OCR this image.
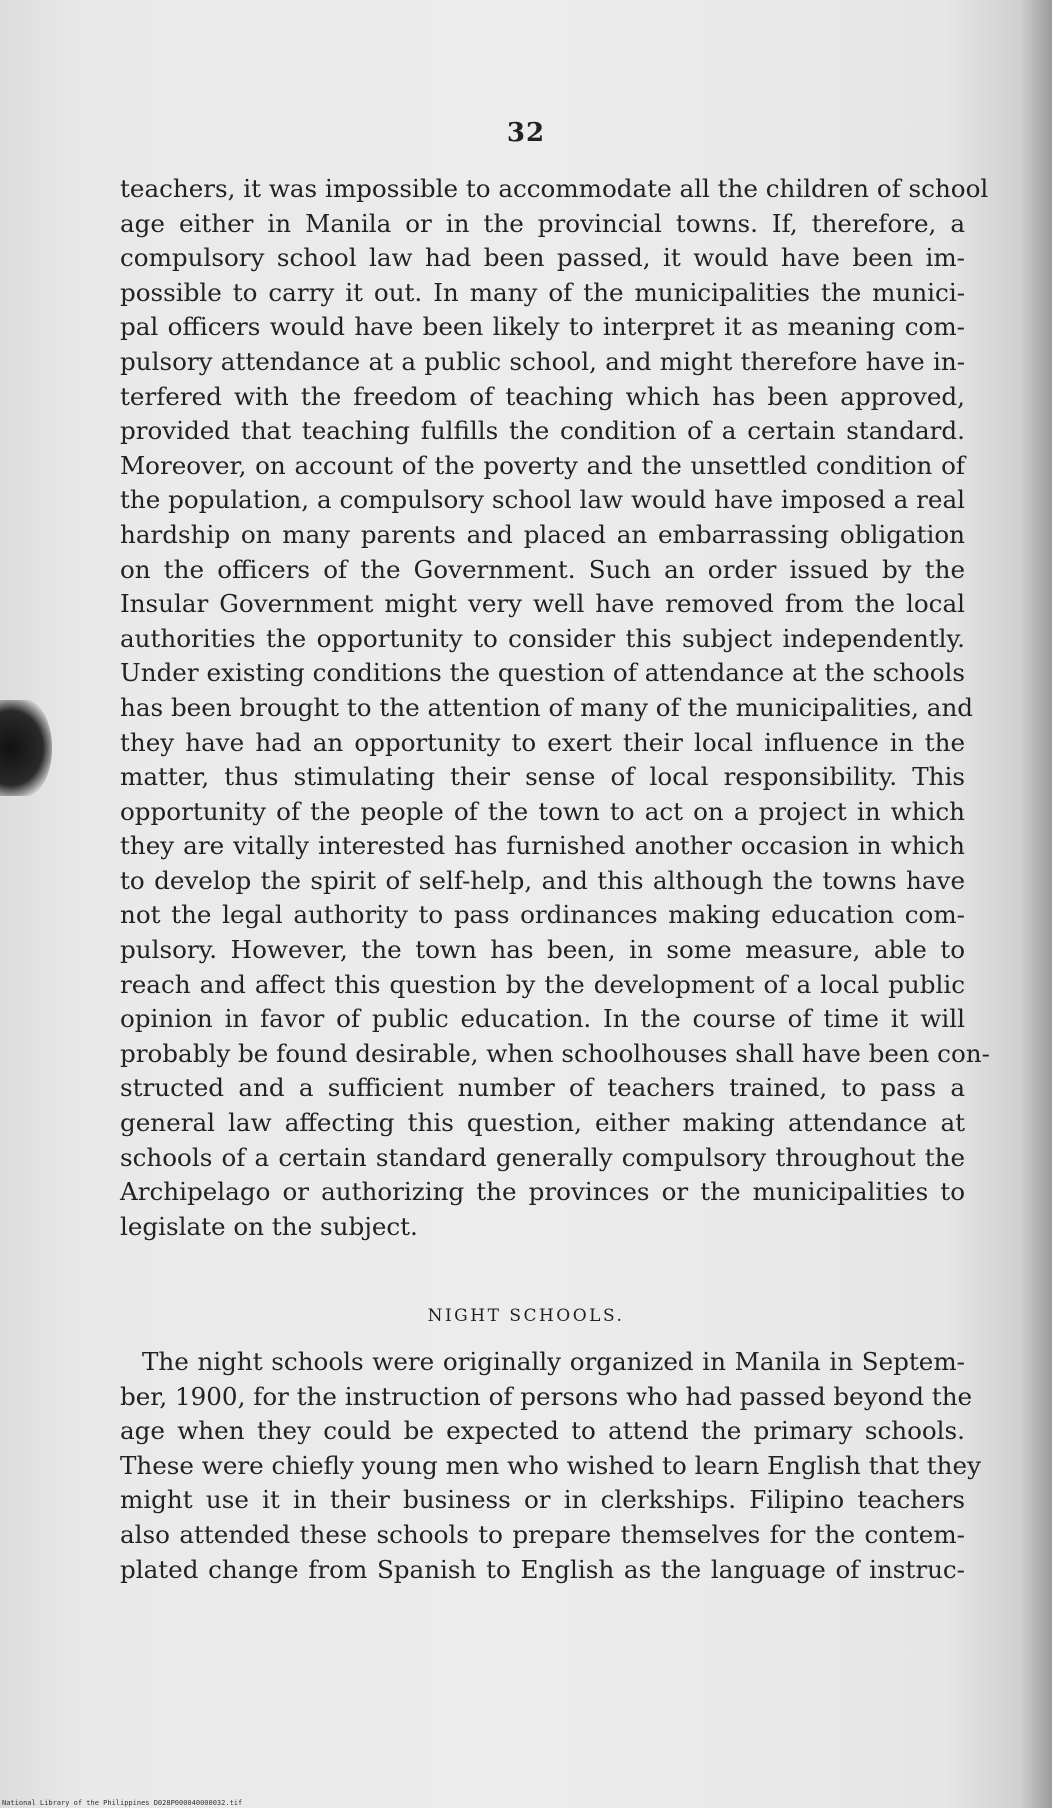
32
teachers, it was impossible to accommodate all the children of school
age either in Manila or in the provincial towns. If, therefore, a
compulsory school law had been passed, it would have been im-
possible to carry it out. In many of the municipalities the munici-
pal officers would have been likely to interpret it as meaning com-
pulsory attendance at a public school, and might therefore have in-
terfered with the freedom of teaching which has been approved,
provided that teaching fulfills the condition of a certain standard.
Moreover, on account of the poverty and the unsettled condition of
the population, a compulsory school law would have imposed a real
hardship on many parents and placed an embarrassing obligation
on the officers of the Government. Such an order issued by the
Insular Government might very well have removed from the local
authorities the opportunity to consider this subject independently.
Under existing conditions the question of attendance at the schools
has been brought to the attention of many of the municipalities, and
they have had an opportunity to exert their local influence in the
matter, thus stimulating their sense of local responsibility. This
opportunity of the people of the town to act on a project in which
they are vitally interested has furnished another occasion in which
to develop the spirit of self-help, and this although the towns have
not the legal authority to pass ordinances making education com-
pulsory. However, the town has been, in some measure, able to
reach and affect this question by the development of a local public
opinion in favor of public education. In the course of time it will
probably be found desirable, when schoolhouses shall have been con-
structed and a sufficient number of teachers trained, to pass a
general law affecting this question, either making attendance at
schools of a certain standard generally compulsory throughout the
Archipelago or authorizing the provinces or the municipalities to
legislate on the subject.
NIGHT SCHOOLS.
The night schools were originally organized in Manila in Septem-
ber, 1900, for the instruction of persons who had passed beyond the
age when they could be expected to attend the primary schools.
These were chiefly young men who wished to learn English that they
might use it in their business or in clerkships. Filipino teachers
also attended these schools to prepare themselves for the contem-
plated change from Spanish to English as the language of instruc-
National Library of the Philippines D028P000040000032.tif
